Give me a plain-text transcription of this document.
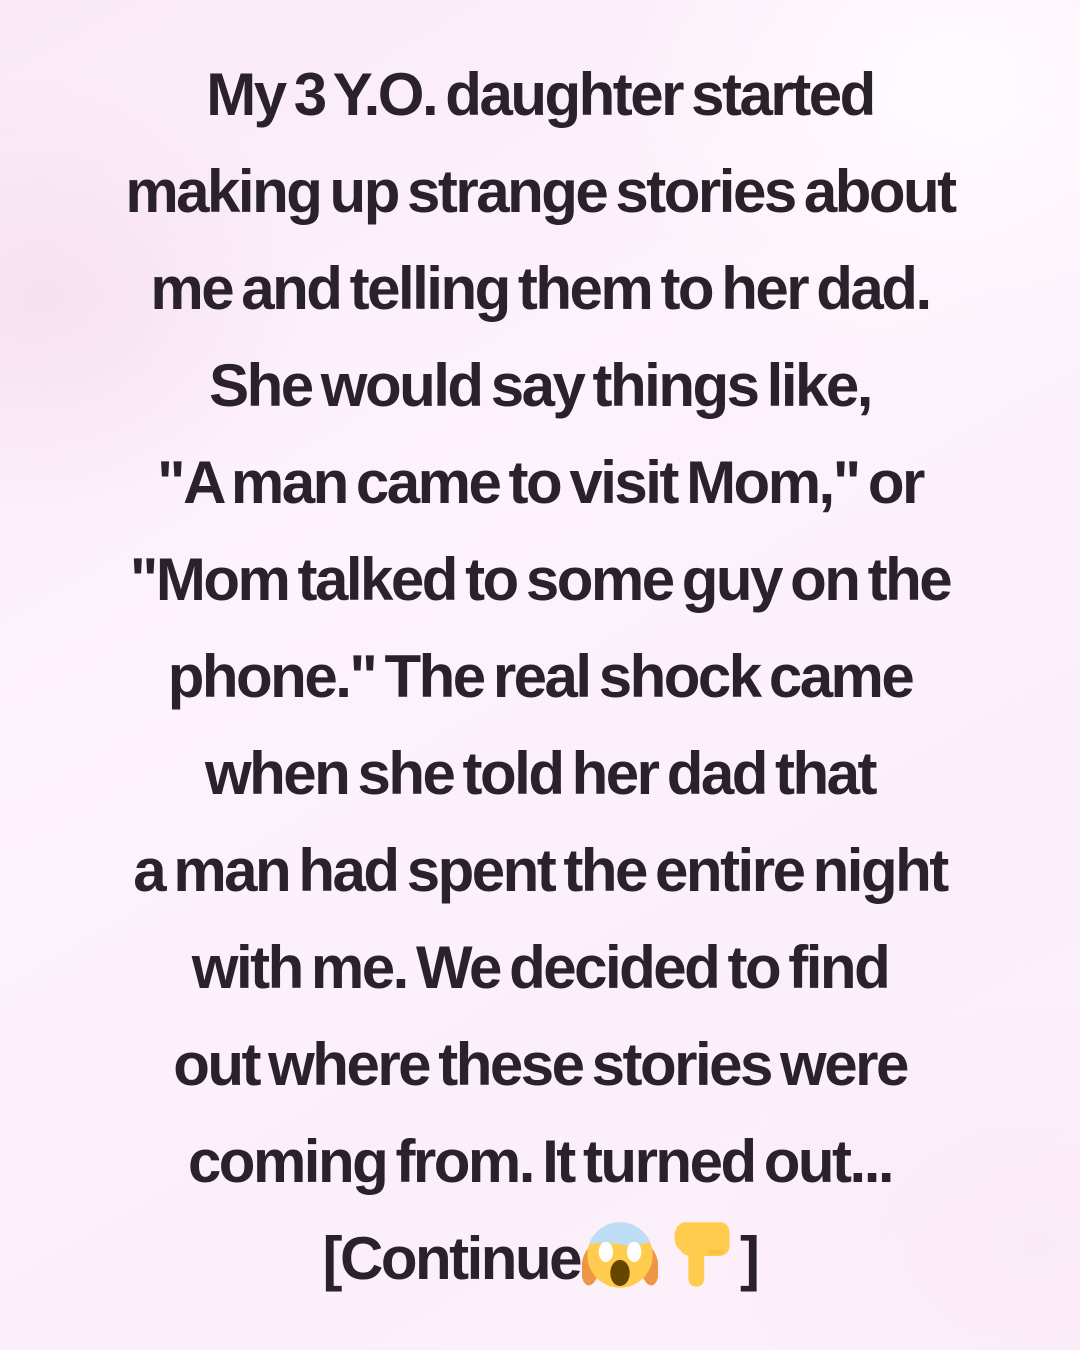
My 3 Y.O. daughter started

making up strange stories about

me and telling them to her dad.

She would say things like,

"A man came to visit Mom," or

"Mom talked to some guy on the

phone." The real shock came

when she told her dad that

a man had spent the entire night

with me. We decided to find

out where these stories were

coming from. It turned out...

[Continue	]
